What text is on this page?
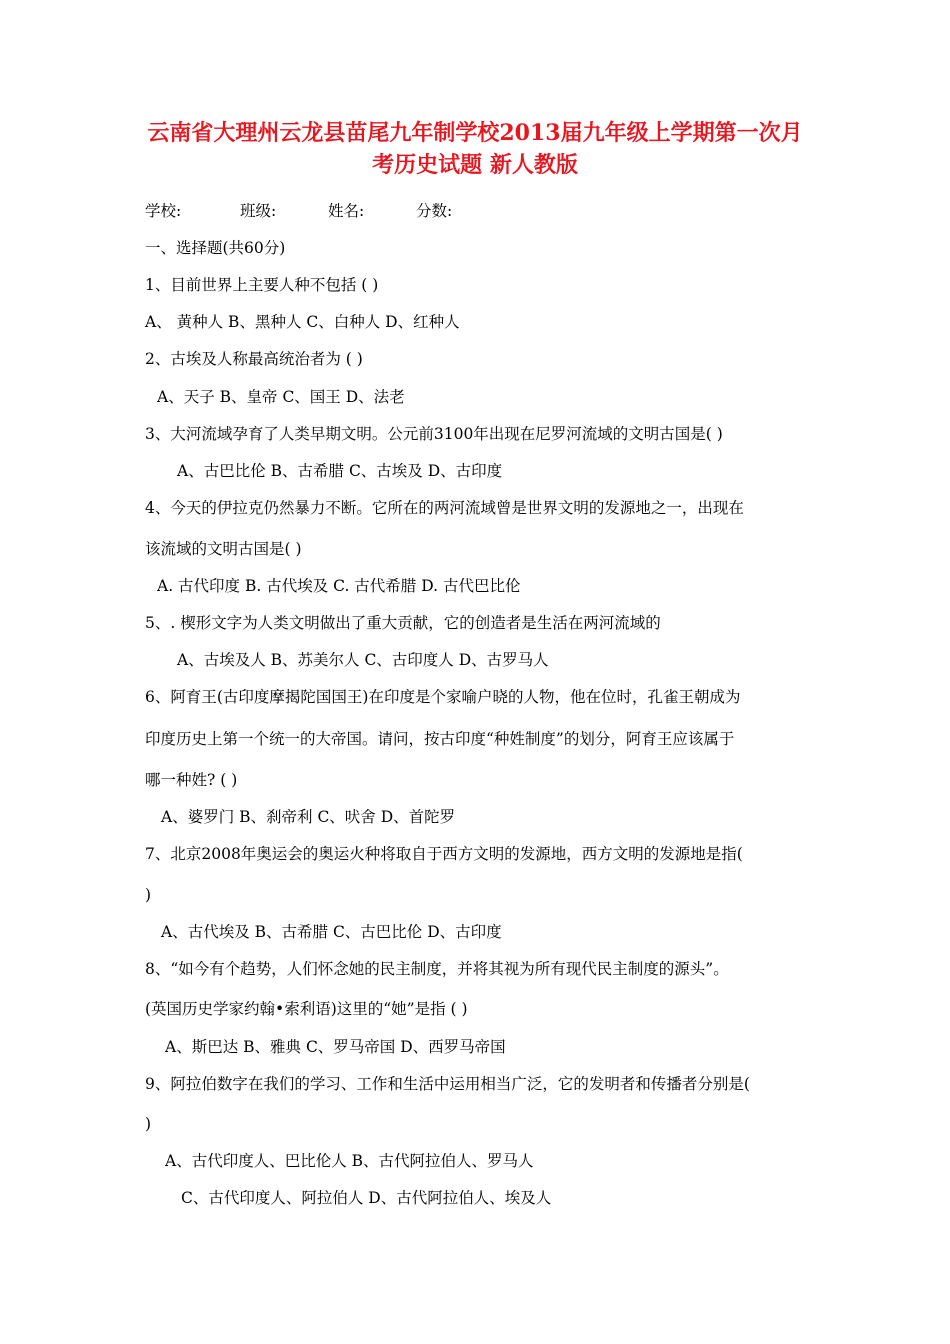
云南省大理州云龙县苗尾九年制学校2013届九年级上学期第一次月
考历史试题 新人教版
学校:	班级:	姓名:	分数:
一、选择题(共60分)
1、目前世界上主要人种不包括 ( )
A、 黄种人 B、黑种人 C、白种人 D、红种人
2、古埃及人称最高统治者为 ( )
A、天子 B、皇帝 C、国王 D、法老
3、大河流域孕育了人类早期文明。公元前3100年出现在尼罗河流域的文明古国是( )
A、古巴比伦 B、古希腊 C、古埃及 D、古印度
4、今天的伊拉克仍然暴力不断。它所在的两河流域曾是世界文明的发源地之一，出现在
该流域的文明古国是( )
A. 古代印度 B. 古代埃及 C. 古代希腊 D. 古代巴比伦
5、. 楔形文字为人类文明做出了重大贡献，它的创造者是生活在两河流域的
A、古埃及人 B、苏美尔人 C、古印度人 D、古罗马人
6、阿育王(古印度摩揭陀国国王)在印度是个家喻户晓的人物，他在位时，孔雀王朝成为
印度历史上第一个统一的大帝国。请问，按古印度“种姓制度”的划分，阿育王应该属于
哪一种姓? ( )
A、婆罗门 B、刹帝利 C、吠舍 D、首陀罗
7、北京2008年奥运会的奥运火种将取自于西方文明的发源地，西方文明的发源地是指(
)
A、古代埃及 B、古希腊 C、古巴比伦 D、古印度
8、“如今有个趋势，人们怀念她的民主制度，并将其视为所有现代民主制度的源头”。
(英国历史学家约翰•索利语)这里的“她”是指 ( )
A、斯巴达 B、雅典 C、罗马帝国 D、西罗马帝国
9、阿拉伯数字在我们的学习、工作和生活中运用相当广泛，它的发明者和传播者分别是(
)
A、古代印度人、巴比伦人 B、古代阿拉伯人、罗马人
C、古代印度人、阿拉伯人 D、古代阿拉伯人、埃及人
